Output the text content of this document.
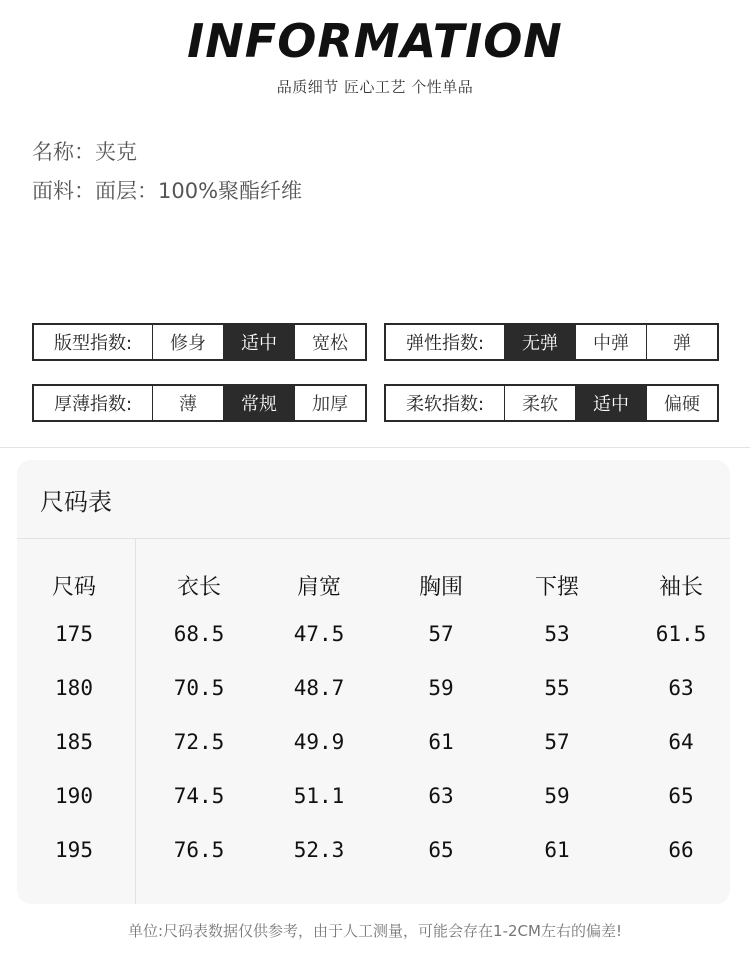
INFORMATION
品质细节 匠心工艺 个性单品
名称：夹克
面料：面层：100%聚酯纤维
版型指数:	修身	适中	宽松	弹性指数:	无弹	中弹	弹
厚薄指数:	薄	常规	加厚	柔软指数:	柔软	适中	偏硬
尺码表
尺码	衣长	肩宽	胸围	下摆	袖长
175	68.5	47.5	57	53	61.5
180	70.5	48.7	59	55	63
185	72.5	49.9	61	57	64
190	74.5	51.1	63	59	65
195	76.5	52.3	65	61	66
单位:尺码表数据仅供参考，由于人工测量，可能会存在1-2CM左右的偏差!
